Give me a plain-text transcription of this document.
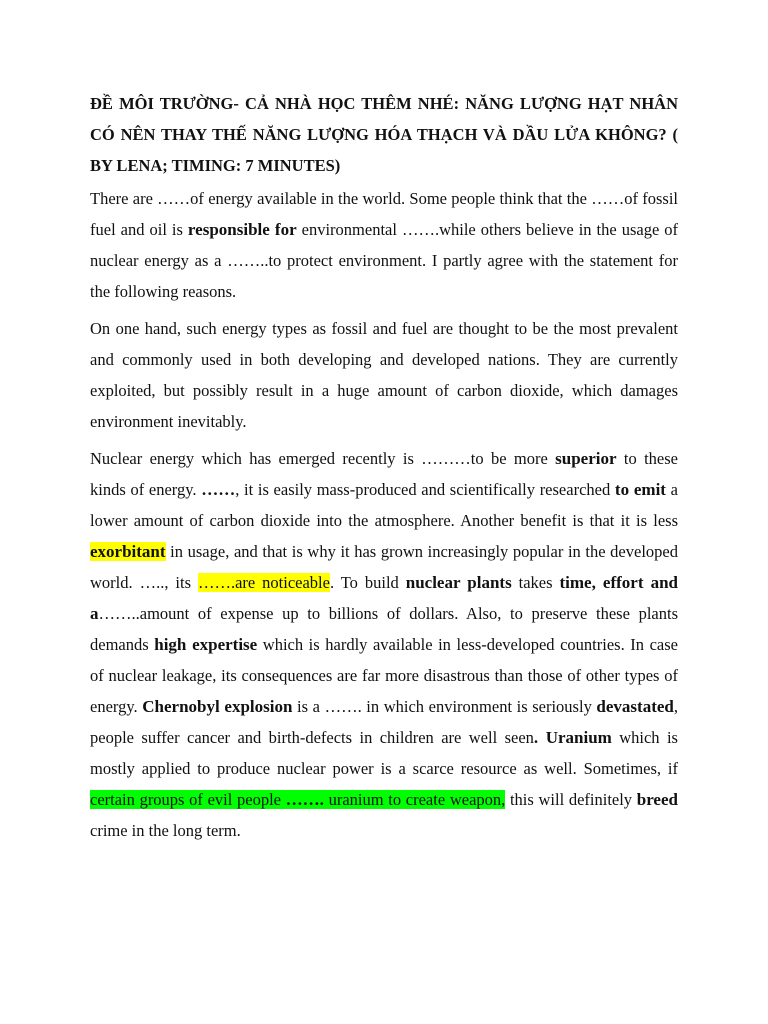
ĐỀ MÔI TRƯỜNG- CẢ NHÀ HỌC THÊM NHÉ: NĂNG LƯỢNG HẠT NHÂN CÓ NÊN THAY THẾ NĂNG LƯỢNG HÓA THẠCH VÀ DẦU LỬA KHÔNG? ( BY LENA; TIMING: 7 MINUTES)

There are ……of energy available in the world. Some people think that the ……of fossil fuel and oil is responsible for environmental …….while others believe in the usage of nuclear energy as a ……..to protect environment. I partly agree with the statement for the following reasons.

On one hand, such energy types as fossil and fuel are thought to be the most prevalent and commonly used in both developing and developed nations. They are currently exploited, but possibly result in a huge amount of carbon dioxide, which damages environment inevitably.

Nuclear energy which has emerged recently is ………to be more superior to these kinds of energy. ……, it is easily mass-produced and scientifically researched to emit a lower amount of carbon dioxide into the atmosphere. Another benefit is that it is less exorbitant in usage, and that is why it has grown increasingly popular in the developed world. ….., its …….are noticeable. To build nuclear plants takes time, effort and a……..amount of expense up to billions of dollars. Also, to preserve these plants demands high expertise which is hardly available in less-developed countries. In case of nuclear leakage, its consequences are far more disastrous than those of other types of energy. Chernobyl explosion is a ……. in which environment is seriously devastated, people suffer cancer and birth-defects in children are well seen. Uranium which is mostly applied to produce nuclear power is a scarce resource as well. Sometimes, if certain groups of evil people ……. uranium to create weapon, this will definitely breed crime in the long term.
